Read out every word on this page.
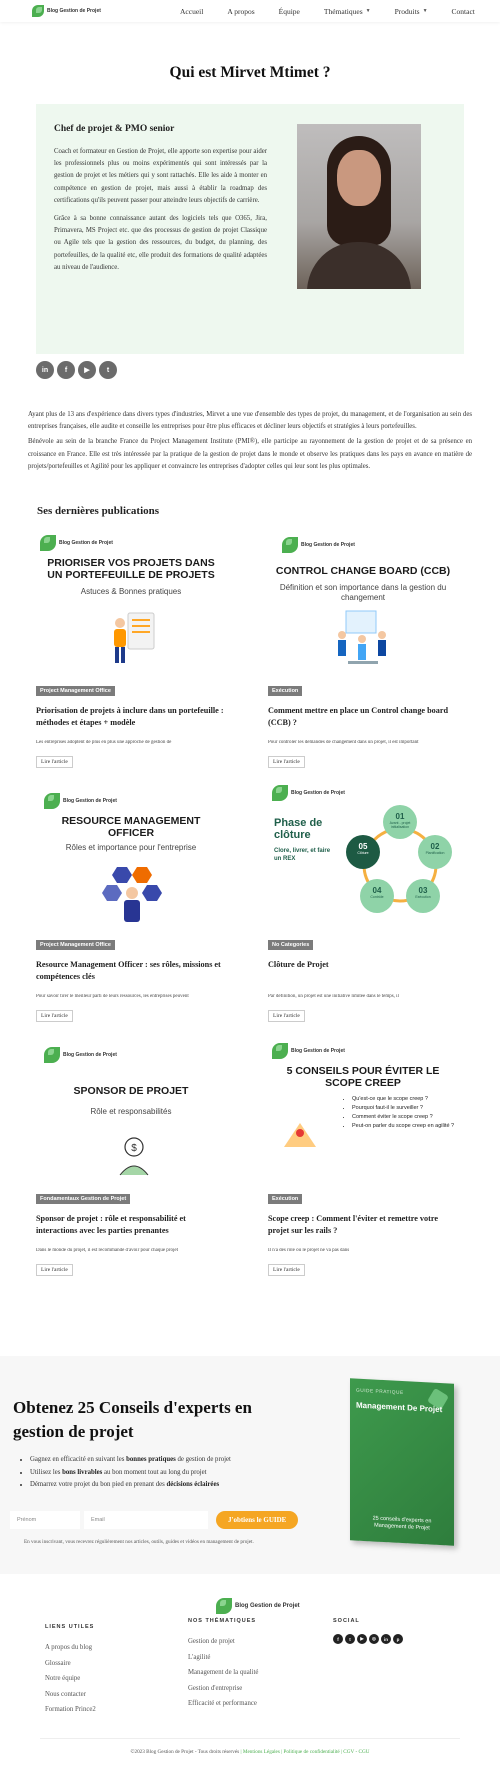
Blog Gestion de Projet	Accueil	A propos	Équipe	Thématiques ▼	Produits ▼	Contact
Qui est Mirvet Mtimet ?
Chef de projet & PMO senior

Coach et formateur en Gestion de Projet, elle apporte son expertise pour aider les professionnels plus ou moins expérimentés qui sont intéressés par la gestion de projet et les métiers qui y sont rattachés. Elle les aide à monter en compétence en gestion de projet, mais aussi à établir la roadmap des certifications qu'ils peuvent passer pour atteindre leurs objectifs de carrière.

Grâce à sa bonne connaissance autant des logiciels tels que O365, Jira, Primavera, MS Project etc. que des processus de gestion de projet Classique ou Agile tels que la gestion des ressources, du budget, du planning, des portefeuilles, de la qualité etc, elle produit des formations de qualité adaptées au niveau de l'audience.

in	f	▶	t

Ayant plus de 13 ans d'expérience dans divers types d'industries, Mirvet a une vue d'ensemble des types de projet, du management, et de l'organisation au sein des entreprises françaises, elle audite et conseille les entreprises pour être plus efficaces et décliner leurs objectifs et stratégies à leurs portefeuilles.

Bénévole au sein de la branche France du Project Management Institute (PMI®), elle participe au rayonnement de la gestion de projet et de sa présence en croissance en France. Elle est très intéressée par la pratique de la gestion de projet dans le monde et observe les pratiques dans les pays en avance en matière de projets/portefeuilles et Agilité pour les appliquer et convaincre les entreprises d'adopter celles qui leur sont les plus optimales.

Ses dernières publications
Blog Gestion de Projet
PRIORISER VOS PROJETS DANS UN PORTEFEUILLE DE PROJETS
Astuces & Bonnes pratiques
Project Management Office
Priorisation de projets à inclure dans un portefeuille : méthodes et étapes + modèle
Les entreprises adoptent de plus en plus une approche de gestion de
Lire l'article
Blog Gestion de Projet
CONTROL CHANGE BOARD (CCB)
Définition et son importance dans la gestion du changement
Exécution
Comment mettre en place un Control change board (CCB) ?
Pour contrôler les demandes de changement dans un projet, il est important
Lire l'article
Blog Gestion de Projet
RESOURCE MANAGEMENT OFFICER
Rôles et importance pour l'entreprise
Project Management Office
Resource Management Officer : ses rôles, missions et compétences clés
Pour savoir tirer le meilleur parti de leurs ressources, les entreprises peuvent
Lire l'article
Blog Gestion de Projet
Phase de clôture
Clore, livrer, et faire un REX
01
Avant - projet initialisation
02
Planification
03
Exécution
04
Contrôle
05
Clôture
No Categories
Clôture de Projet
Par définition, un projet est une initiative limitée dans le temps, il
Lire l'article
Blog Gestion de Projet
SPONSOR DE PROJET
Rôle et responsabilités
$
Fondamentaux Gestion de Projet
Sponsor de projet : rôle et responsabilité et interactions avec les parties prenantes
Dans le monde du projet, il est recommandé d'avoir pour chaque projet
Lire l'article
Blog Gestion de Projet
5 CONSEILS POUR ÉVITER LE SCOPE CREEP
• Qu'est-ce que le scope creep ?
• Pourquoi faut-il le surveiller ?
• Comment éviter le scope creep ?
• Peut-on parler du scope creep en agilité ?
Exécution
Scope creep : Comment l'éviter et remettre votre projet sur les rails ?
Il n'a des rôle où le projet ne va pas dans
Lire l'article
Obtenez 25 Conseils d'experts en gestion de projet
• Gagnez en efficacité en suivant les bonnes pratiques de gestion de projet
• Utilisez les bons livrables au bon moment tout au long du projet
• Démarrez votre projet du bon pied en prenant des décisions éclairées
Prénom	Email	J'obtiens le GUIDE
En vous inscrivant, vous recevrez régulièrement nos articles, outils, guides et vidéos en management de projet.
GUIDE PRATIQUE
Management De Projet
25 conseils d'experts en Management de Projet
Blog Gestion de Projet
LIENS UTILES
A propos du blog
Glossaire
Notre équipe
Nous contacter
Formation Prince2
NOS THÉMATIQUES
Gestion de projet
L'agilité
Management de la qualité
Gestion d'entreprise
Efficacité et performance
SOCIAL
f	t	▶	◎	in	p
©2023 Blog Gestion de Projet - Tous droits réservés | Mentions Légales | Politique de confidentialité | CGV - CGU
